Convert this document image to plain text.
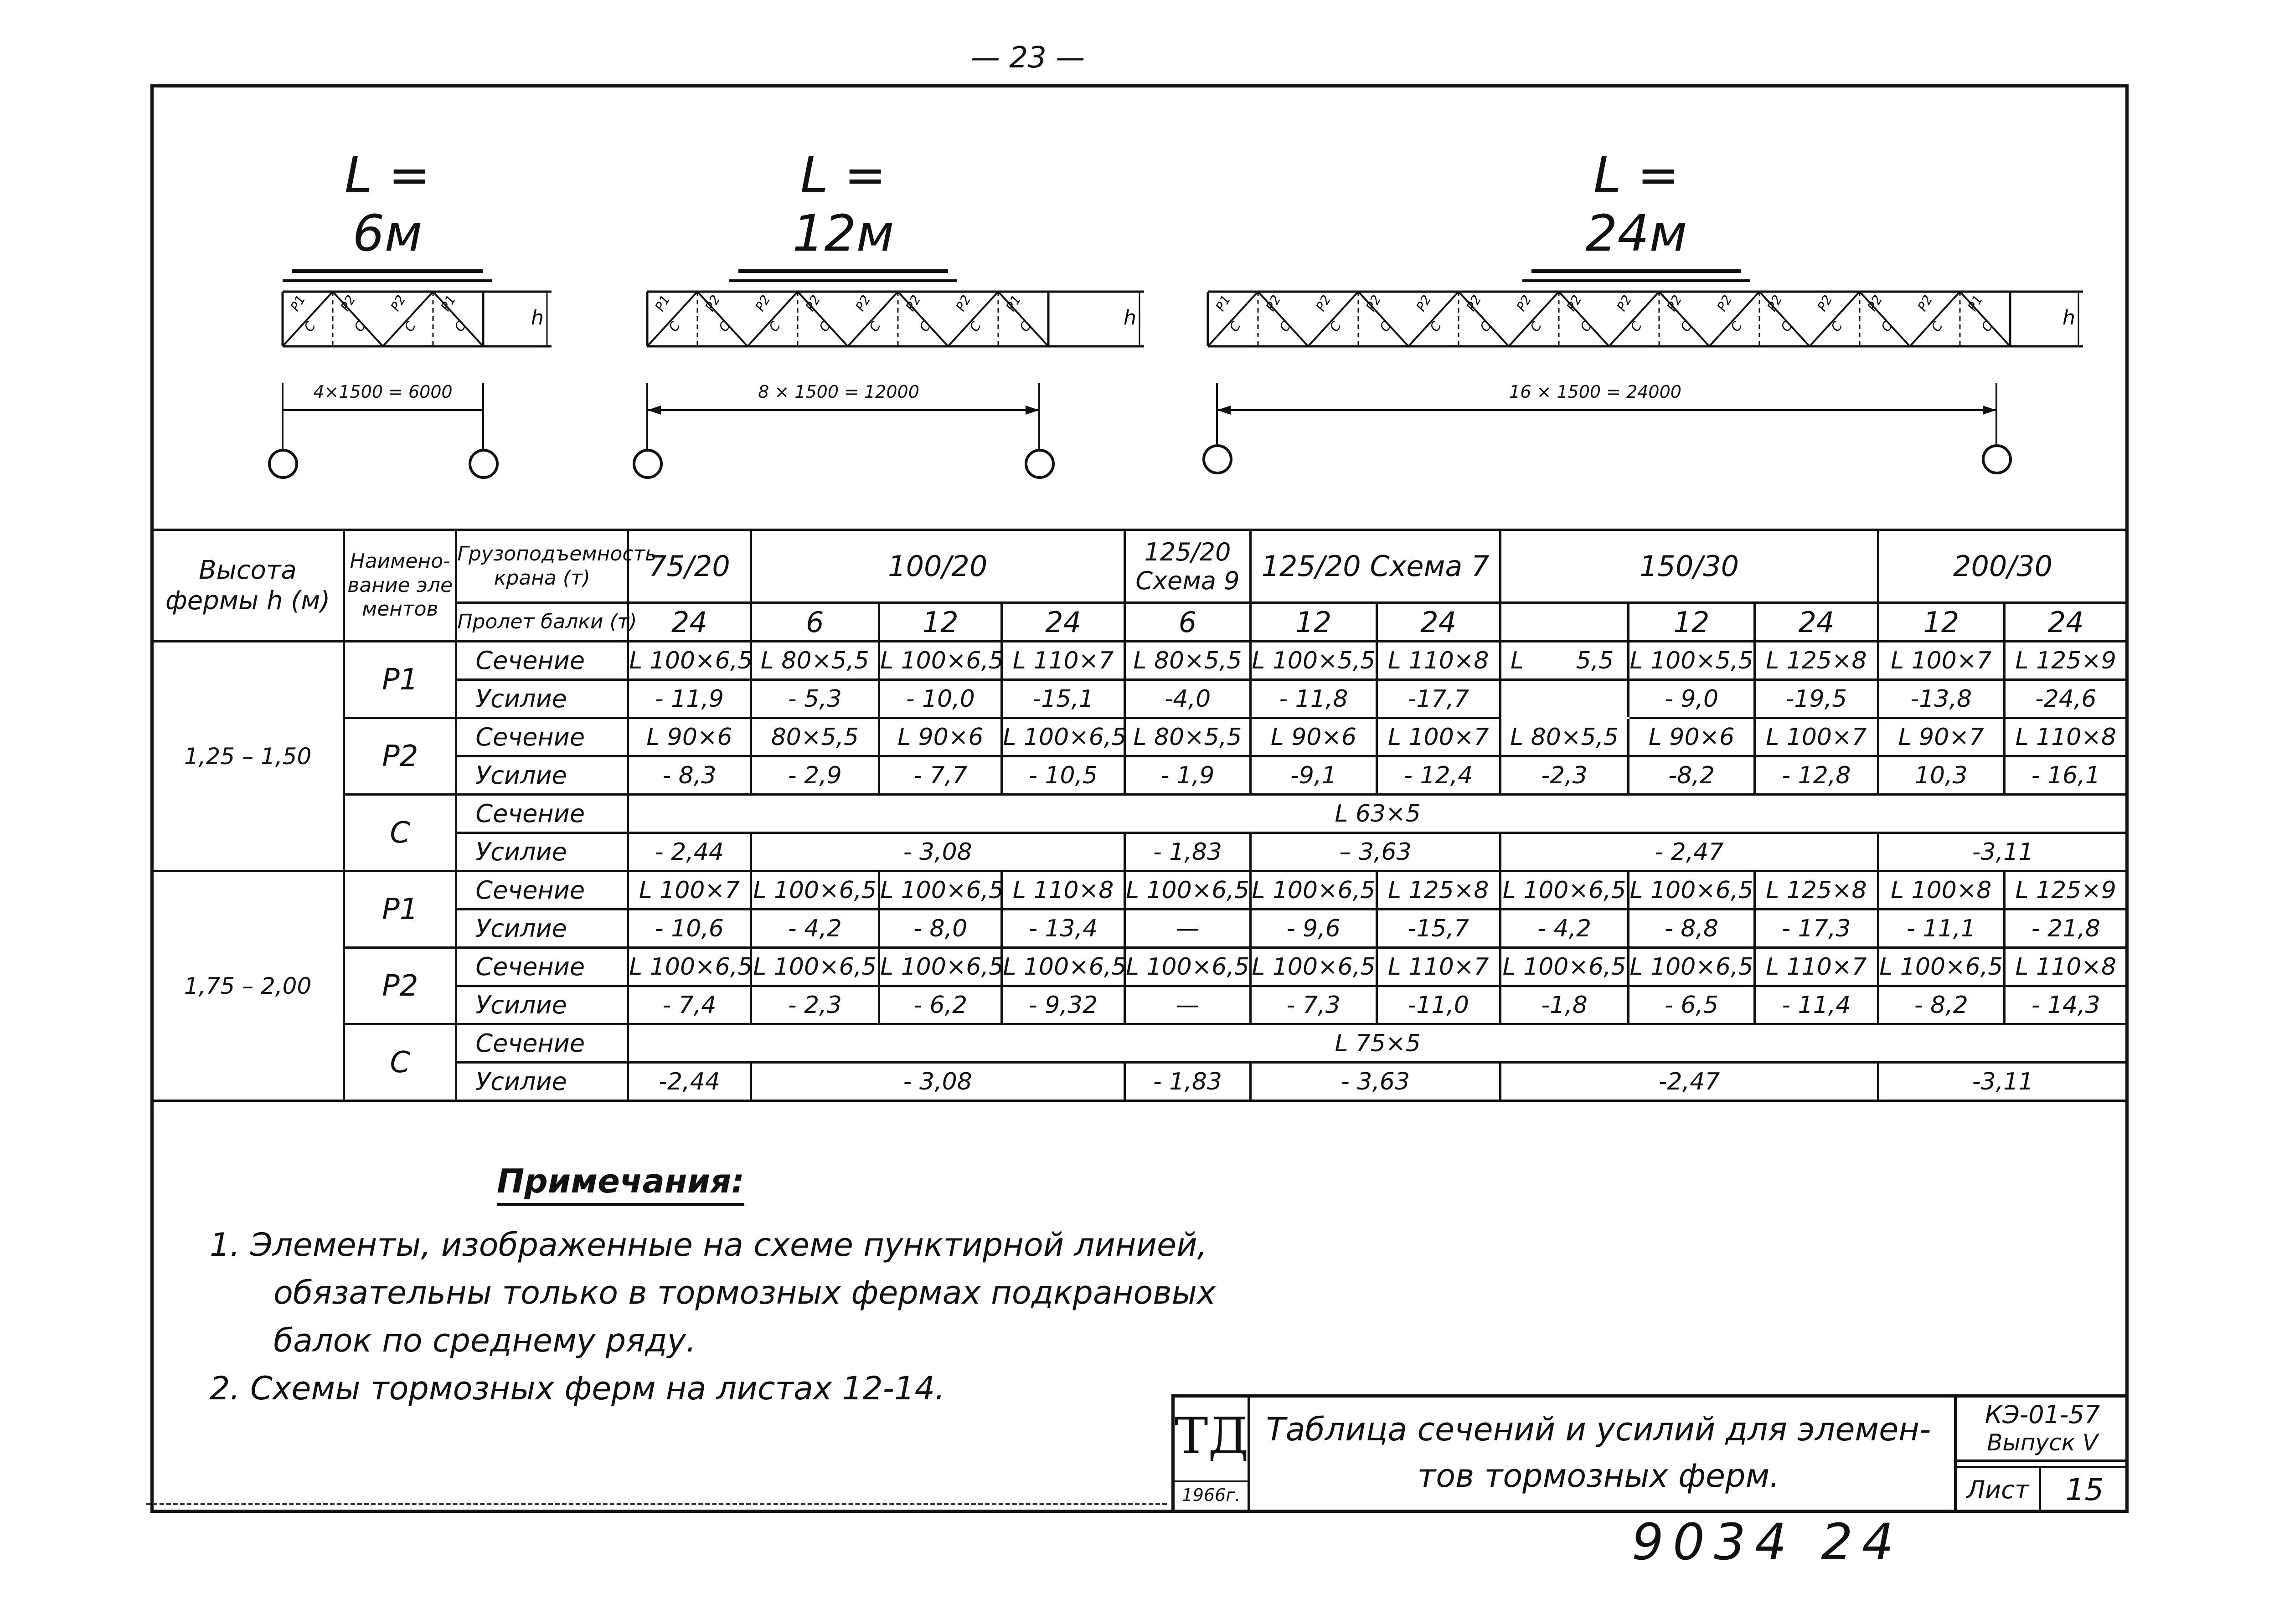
— 23 —
L = 6м
L = 12м
L = 24м
P1
C
P2
C
P2
C
P1
C	h
P1
C
P2
C
P2
C
P2
C
P2
C
P2
C
P2
C
P1
C	h
P1
C
P2
C
P2
C
P2
C
P2
C
P2
C
P2
C
P2
C
P2
C
P2
C
P2
C
P2
C
P2
C
P2
C
P2
C
P1
C	h
4×1500 = 6000	8 × 1500 = 12000	16 × 1500 = 24000
Высота фермы h (м)	Наимено-вание эле ментов	Грузоподъемность крана (т)	75/20	100/20			125/20 Схема 9	125/20 Схема 7		150/30			200/30	
		Пролет балки (т)	24	6	12	24	6	12	24		12	24	12	24
1,25 – 1,50	P1	Сечение	L 100×6,5	L 80×5,5	L 100×6,5	L 110×7	L 80×5,5	L 100×5,5	L 110×8	L 5,5	L 100×5,5	L 125×8	L 100×7	L 125×9
		Усилие	- 11,9	- 5,3	- 10,0	-15,1	-4,0	- 11,8	-17,7		- 9,0	-19,5	-13,8	-24,6
	P2	Сечение	L 90×6	80×5,5	L 90×6	L 100×6,5	L 80×5,5	L 90×6	L 100×7	L 80×5,5	L 90×6	L 100×7	L 90×7	L 110×8
		Усилие	- 8,3	- 2,9	- 7,7	- 10,5	- 1,9	-9,1	- 12,4	-2,3	-8,2	- 12,8	10,3	- 16,1
	C	Сечение	L 63×5											
		Усилие	- 2,44	- 3,08			- 1,83	– 3,63		- 2,47			-3,11	
1,75 – 2,00	P1	Сечение	L 100×7	L 100×6,5	L 100×6,5	L 110×8	L 100×6,5	L 100×6,5	L 125×8	L 100×6,5	L 100×6,5	L 125×8	L 100×8	L 125×9
		Усилие	- 10,6	- 4,2	- 8,0	- 13,4	—	- 9,6	-15,7	- 4,2	- 8,8	- 17,3	- 11,1	- 21,8
	P2	Сечение	L 100×6,5	L 100×6,5	L 100×6,5	L 100×6,5	L 100×6,5	L 100×6,5	L 110×7	L 100×6,5	L 100×6,5	L 110×7	L 100×6,5	L 110×8
		Усилие	- 7,4	- 2,3	- 6,2	- 9,32	—	- 7,3	-11,0	-1,8	- 6,5	- 11,4	- 8,2	- 14,3
	C	Сечение	L 75×5											
		Усилие	-2,44	- 3,08			- 1,83	- 3,63		-2,47			-3,11	
Примечания:
1. Элементы, изображенные на схеме пунктирной линией,
обязательны только в тормозных фермах подкрановых
балок по среднему ряду.
2. Схемы тормозных ферм на листах 12-14.
ТД
1966г.
Таблица сечений и усилий для элемен-
тов тормозных ферм.
КЭ-01-57
Выпуск V
Лист	15
9034 24
